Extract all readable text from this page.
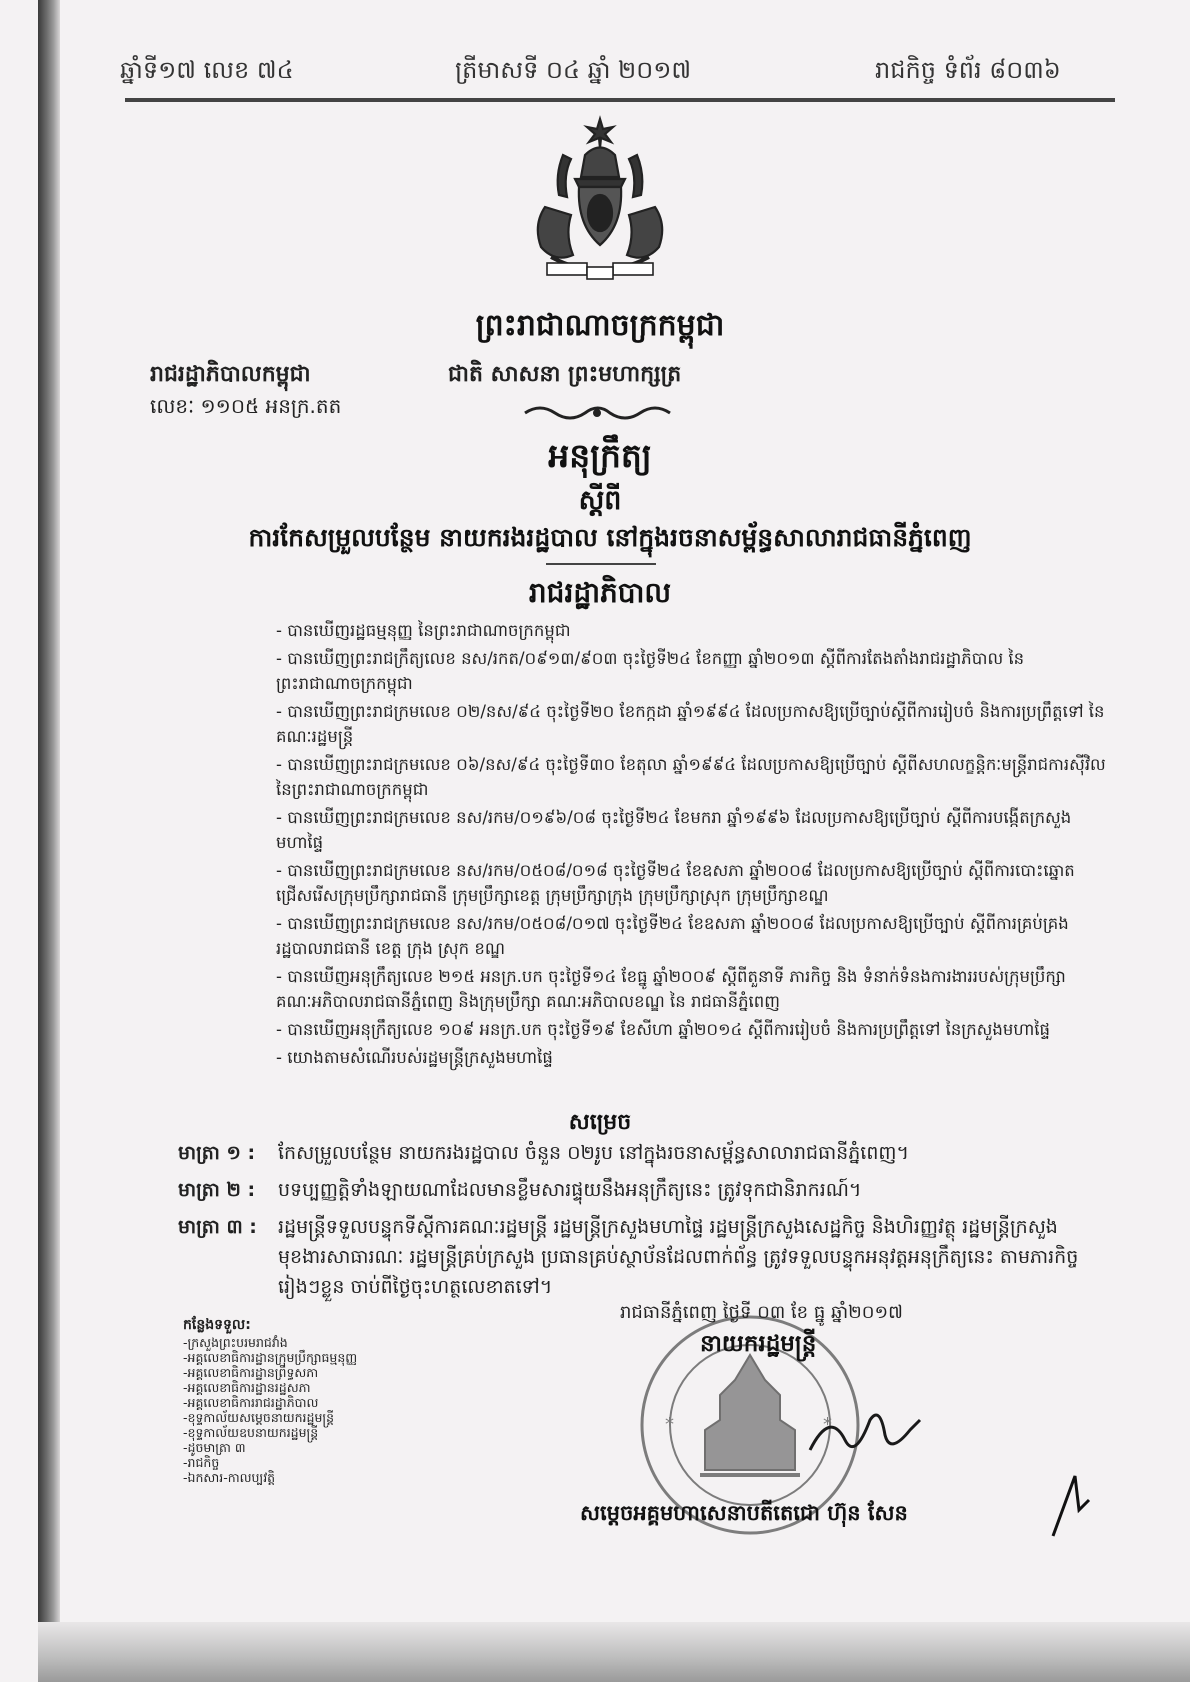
ឆ្នាំទី១៧ លេខ ៧៤	ត្រីមាសទី ០៤ ឆ្នាំ ២០១៧	រាជកិច្ច ទំព័រ ៨០៣៦
ព្រះរាជាណាចក្រកម្ពុជា
រាជរដ្ឋាភិបាលកម្ពុជា	ជាតិ សាសនា ព្រះមហាក្សត្រ
លេខៈ ១១០៥ អនក្រ.តត
អនុក្រឹត្យ
ស្តីពី
ការកែសម្រួលបន្ថែម នាយករងរដ្ឋបាល នៅក្នុងរចនាសម្ព័ន្ធសាលារាជធានីភ្នំពេញ
រាជរដ្ឋាភិបាល
- បានឃើញរដ្ឋធម្មនុញ្ញ នៃព្រះរាជាណាចក្រកម្ពុជា
- បានឃើញព្រះរាជក្រឹត្យលេខ នស/រកត/០៩១៣/៩០៣ ចុះថ្ងៃទី២៤ ខែកញ្ញា ឆ្នាំ២០១៣ ស្តីពីការតែងតាំងរាជរដ្ឋាភិបាល នៃព្រះរាជាណាចក្រកម្ពុជា
- បានឃើញព្រះរាជក្រមលេខ ០២/នស/៩៤ ចុះថ្ងៃទី២០ ខែកក្កដា ឆ្នាំ១៩៩៤ ដែលប្រកាសឱ្យប្រើច្បាប់ស្តីពីការរៀបចំ និងការប្រព្រឹត្តទៅ នៃគណៈរដ្ឋមន្ត្រី
- បានឃើញព្រះរាជក្រមលេខ ០៦/នស/៩៤ ចុះថ្ងៃទី៣០ ខែតុលា ឆ្នាំ១៩៩៤ ដែលប្រកាសឱ្យប្រើច្បាប់ ស្តីពីសហលក្ខន្តិកៈមន្ត្រីរាជការស៊ីវិល នៃព្រះរាជាណាចក្រកម្ពុជា
- បានឃើញព្រះរាជក្រមលេខ នស/រកម/០១៩៦/០៨ ចុះថ្ងៃទី២៤ ខែមករា ឆ្នាំ១៩៩៦ ដែលប្រកាសឱ្យប្រើច្បាប់ ស្តីពីការបង្កើតក្រសួងមហាផ្ទៃ
- បានឃើញព្រះរាជក្រមលេខ នស/រកម/០៥០៨/០១៨ ចុះថ្ងៃទី២៤ ខែឧសភា ឆ្នាំ២០០៨ ដែលប្រកាសឱ្យប្រើច្បាប់ ស្តីពីការបោះឆ្នោតជ្រើសរើសក្រុមប្រឹក្សារាជធានី ក្រុមប្រឹក្សាខេត្ត ក្រុមប្រឹក្សាក្រុង ក្រុមប្រឹក្សាស្រុក ក្រុមប្រឹក្សាខណ្ឌ
- បានឃើញព្រះរាជក្រមលេខ នស/រកម/០៥០៨/០១៧ ចុះថ្ងៃទី២៤ ខែឧសភា ឆ្នាំ២០០៨ ដែលប្រកាសឱ្យប្រើច្បាប់ ស្តីពីការគ្រប់គ្រងរដ្ឋបាលរាជធានី ខេត្ត ក្រុង ស្រុក ខណ្ឌ
- បានឃើញអនុក្រឹត្យលេខ ២១៥ អនក្រ.បក ចុះថ្ងៃទី១៤ ខែធ្នូ ឆ្នាំ២០០៩ ស្តីពីតួនាទី ភារកិច្ច និង ទំនាក់ទំនងការងាររបស់ក្រុមប្រឹក្សា គណៈអភិបាលរាជធានីភ្នំពេញ និងក្រុមប្រឹក្សា គណៈអភិបាលខណ្ឌ នៃ រាជធានីភ្នំពេញ
- បានឃើញអនុក្រឹត្យលេខ ១០៩ អនក្រ.បក ចុះថ្ងៃទី១៩ ខែសីហា ឆ្នាំ២០១៤ ស្តីពីការរៀបចំ និងការប្រព្រឹត្តទៅ នៃក្រសួងមហាផ្ទៃ
- យោងតាមសំណើរបស់រដ្ឋមន្ត្រីក្រសួងមហាផ្ទៃ
សម្រេច
មាត្រា ១ :	កែសម្រួលបន្ថែម នាយករងរដ្ឋបាល ចំនួន ០២រូប នៅក្នុងរចនាសម្ព័ន្ធសាលារាជធានីភ្នំពេញ។
មាត្រា ២ :	បទប្បញ្ញត្តិទាំងឡាយណាដែលមានខ្លឹមសារផ្ទុយនឹងអនុក្រឹត្យនេះ ត្រូវទុកជានិរាករណ៍។
មាត្រា ៣ :	រដ្ឋមន្ត្រីទទួលបន្ទុកទីស្តីការគណៈរដ្ឋមន្ត្រី រដ្ឋមន្ត្រីក្រសួងមហាផ្ទៃ រដ្ឋមន្ត្រីក្រសួងសេដ្ឋកិច្ច និងហិរញ្ញវត្ថុ រដ្ឋមន្ត្រីក្រសួងមុខងារសាធារណៈ រដ្ឋមន្ត្រីគ្រប់ក្រសួង ប្រធានគ្រប់ស្ថាប័នដែលពាក់ព័ន្ធ ត្រូវទទួលបន្ទុកអនុវត្តអនុក្រឹត្យនេះ តាមភារកិច្ចរៀងៗខ្លួន ចាប់ពីថ្ងៃចុះហត្ថលេខាតទៅ។
*	*
រាជធានីភ្នំពេញ ថ្ងៃទី ០៣ ខែ ធ្នូ ឆ្នាំ២០១៧
នាយករដ្ឋមន្ត្រី
សម្តេចអគ្គមហាសេនាបតីតេជោ ហ៊ុន សែន
កន្លែងទទួល:
-ក្រសួងព្រះបរមរាជវាំង
-អគ្គលេខាធិការដ្ឋានក្រុមប្រឹក្សាធម្មនុញ្ញ
-អគ្គលេខាធិការដ្ឋានព្រឹទ្ធសភា
-អគ្គលេខាធិការដ្ឋានរដ្ឋសភា
-អគ្គលេខាធិការរាជរដ្ឋាភិបាល
-ខុទ្ទកាល័យសម្តេចនាយករដ្ឋមន្ត្រី
-ខុទ្ទកាល័យឧបនាយករដ្ឋមន្ត្រី
-ដូចមាត្រា ៣
-រាជកិច្ច
-ឯកសារ-កាលប្បវត្តិ
